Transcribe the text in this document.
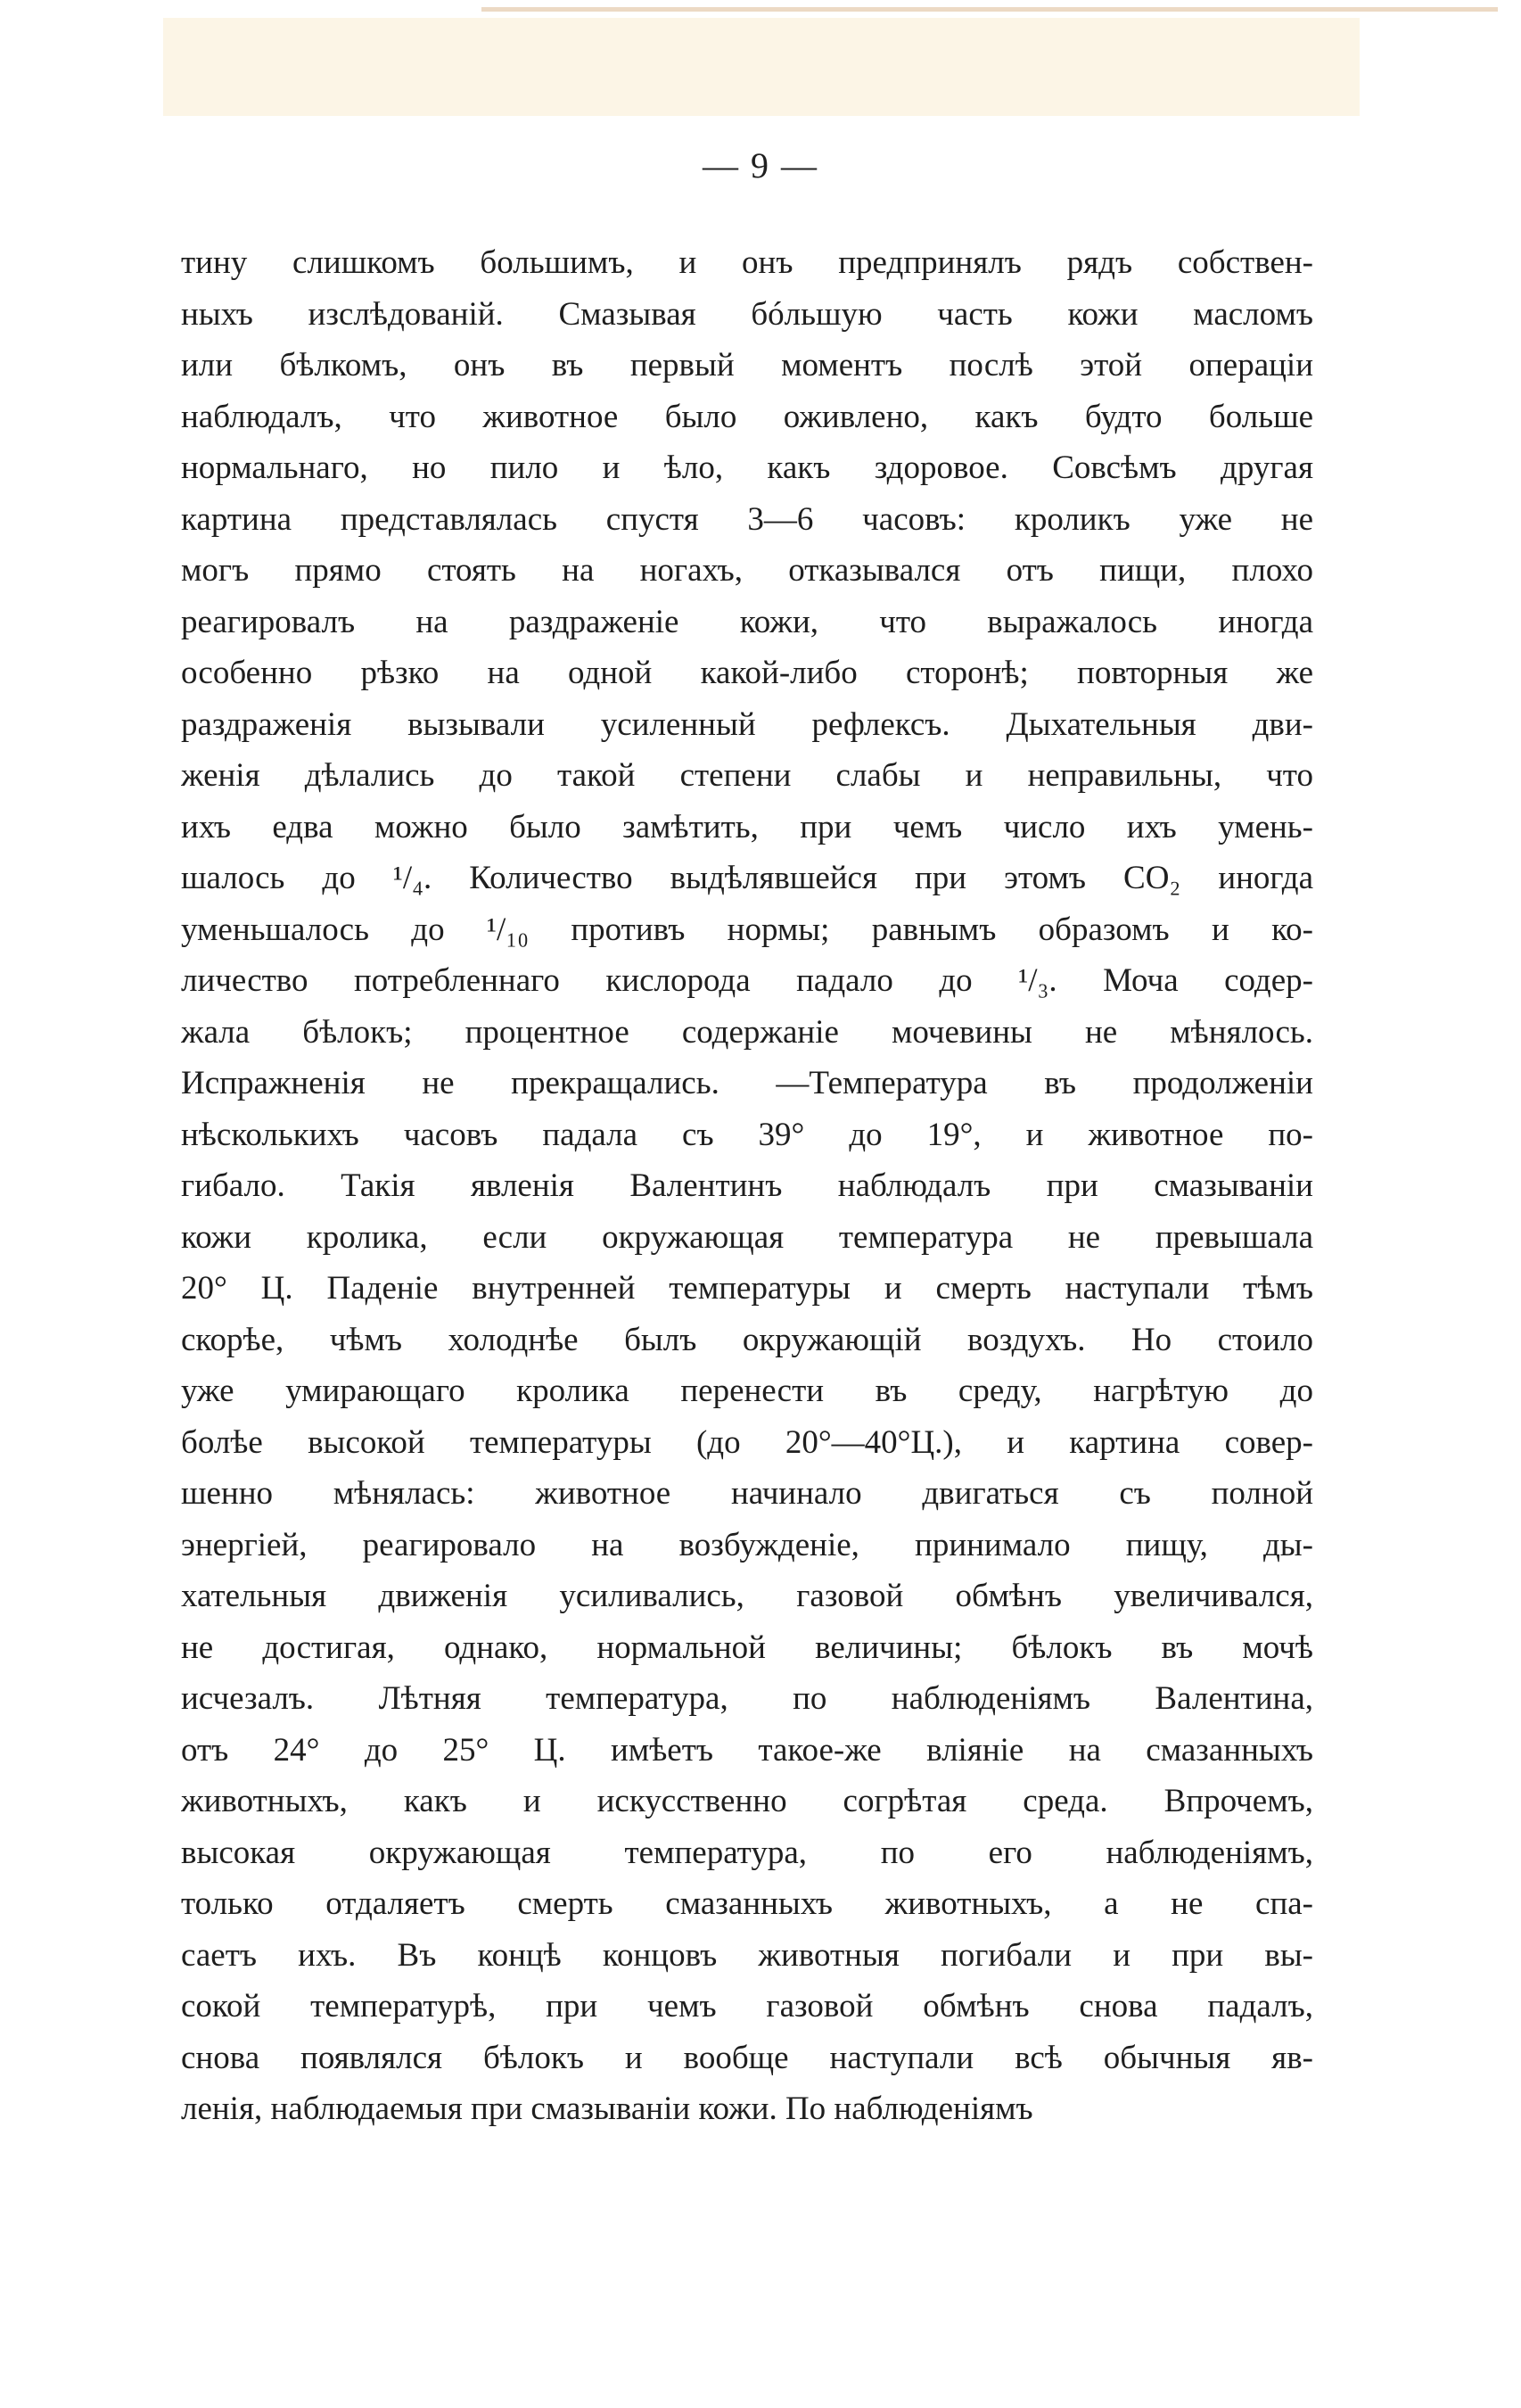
— 9 —
тину слишкомъ большимъ, и онъ предпринялъ рядъ собствен-
ныхъ изслѣдованій. Смазывая бóльшую часть кожи масломъ
или бѣлкомъ, онъ въ первый моментъ послѣ этой операціи
наблюдалъ, что животное было оживлено, какъ будто больше
нормальнаго, но пило и ѣло, какъ здоровое. Совсѣмъ другая
картина представлялась спустя 3—6 часовъ: кроликъ уже не
могъ прямо стоять на ногахъ, отказывался отъ пищи, плохо
реагировалъ на раздраженіе кожи, что выражалось иногда
особенно рѣзко на одной какой-либо сторонѣ; повторныя же
раздраженія вызывали усиленный рефлексъ. Дыхательныя дви-
женія дѣлались до такой степени слабы и неправильны, что
ихъ едва можно было замѣтить, при чемъ число ихъ умень-
шалось до ¹/₄. Количество выдѣлявшейся при этомъ CO₂ иногда
уменьшалось до ¹/₁₀ противъ нормы; равнымъ образомъ и ко-
личество потребленнаго кислорода падало до ¹/₃. Моча содер-
жала бѣлокъ; процентное содержаніе мочевины не мѣнялось.
Испражненія не прекращались. —Температура въ продолженіи
нѣсколькихъ часовъ падала съ 39° до 19°, и животное по-
гибало. Такія явленія Валентинъ наблюдалъ при смазываніи
кожи кролика, если окружающая температура не превышала
20° Ц. Паденіе внутренней температуры и смерть наступали тѣмъ
скорѣе, чѣмъ холоднѣе былъ окружающій воздухъ. Но стоило
уже умирающаго кролика перенести въ среду, нагрѣтую до
болѣе высокой температуры (до 20°—40°Ц.), и картина совер-
шенно мѣнялась: животное начинало двигаться съ полной
энергіей, реагировало на возбужденіе, принимало пищу, ды-
хательныя движенія усиливались, газовой обмѣнъ увеличивался,
не достигая, однако, нормальной величины; бѣлокъ въ мочѣ
исчезалъ. Лѣтняя температура, по наблюденіямъ Валентина,
отъ 24° до 25° Ц. имѣетъ такое-же вліяніе на смазанныхъ
животныхъ, какъ и искусственно согрѣтая среда. Впрочемъ,
высокая окружающая температура, по его наблюденіямъ,
только отдаляетъ смерть смазанныхъ животныхъ, а не спа-
саетъ ихъ. Въ концѣ концовъ животныя погибали и при вы-
сокой температурѣ, при чемъ газовой обмѣнъ снова падалъ,
снова появлялся бѣлокъ и вообще наступали всѣ обычныя яв-
ленія, наблюдаемыя при смазываніи кожи. По наблюденіямъ
